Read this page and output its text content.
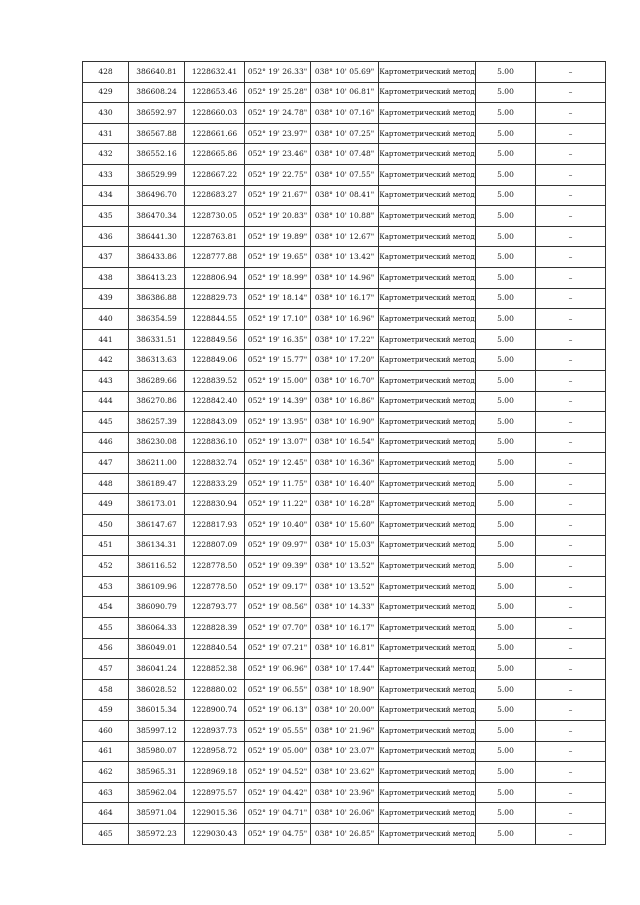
428	386640.81	1228632.41	052° 19' 26.33"	038° 10' 05.69"	Картометрический метод	5.00	–
429	386608.24	1228653.46	052° 19' 25.28"	038° 10' 06.81"	Картометрический метод	5.00	–
430	386592.97	1228660.03	052° 19' 24.78"	038° 10' 07.16"	Картометрический метод	5.00	–
431	386567.88	1228661.66	052° 19' 23.97"	038° 10' 07.25"	Картометрический метод	5.00	–
432	386552.16	1228665.86	052° 19' 23.46"	038° 10' 07.48"	Картометрический метод	5.00	–
433	386529.99	1228667.22	052° 19' 22.75"	038° 10' 07.55"	Картометрический метод	5.00	–
434	386496.70	1228683.27	052° 19' 21.67"	038° 10' 08.41"	Картометрический метод	5.00	–
435	386470.34	1228730.05	052° 19' 20.83"	038° 10' 10.88"	Картометрический метод	5.00	–
436	386441.30	1228763.81	052° 19' 19.89"	038° 10' 12.67"	Картометрический метод	5.00	–
437	386433.86	1228777.88	052° 19' 19.65"	038° 10' 13.42"	Картометрический метод	5.00	–
438	386413.23	1228806.94	052° 19' 18.99"	038° 10' 14.96"	Картометрический метод	5.00	–
439	386386.88	1228829.73	052° 19' 18.14"	038° 10' 16.17"	Картометрический метод	5.00	–
440	386354.59	1228844.55	052° 19' 17.10"	038° 10' 16.96"	Картометрический метод	5.00	–
441	386331.51	1228849.56	052° 19' 16.35"	038° 10' 17.22"	Картометрический метод	5.00	–
442	386313.63	1228849.06	052° 19' 15.77"	038° 10' 17.20"	Картометрический метод	5.00	–
443	386289.66	1228839.52	052° 19' 15.00"	038° 10' 16.70"	Картометрический метод	5.00	–
444	386270.86	1228842.40	052° 19' 14.39"	038° 10' 16.86"	Картометрический метод	5.00	–
445	386257.39	1228843.09	052° 19' 13.95"	038° 10' 16.90"	Картометрический метод	5.00	–
446	386230.08	1228836.10	052° 19' 13.07"	038° 10' 16.54"	Картометрический метод	5.00	–
447	386211.00	1228832.74	052° 19' 12.45"	038° 10' 16.36"	Картометрический метод	5.00	–
448	386189.47	1228833.29	052° 19' 11.75"	038° 10' 16.40"	Картометрический метод	5.00	–
449	386173.01	1228830.94	052° 19' 11.22"	038° 10' 16.28"	Картометрический метод	5.00	–
450	386147.67	1228817.93	052° 19' 10.40"	038° 10' 15.60"	Картометрический метод	5.00	–
451	386134.31	1228807.09	052° 19' 09.97"	038° 10' 15.03"	Картометрический метод	5.00	–
452	386116.52	1228778.50	052° 19' 09.39"	038° 10' 13.52"	Картометрический метод	5.00	–
453	386109.96	1228778.50	052° 19' 09.17"	038° 10' 13.52"	Картометрический метод	5.00	–
454	386090.79	1228793.77	052° 19' 08.56"	038° 10' 14.33"	Картометрический метод	5.00	–
455	386064.33	1228828.39	052° 19' 07.70"	038° 10' 16.17"	Картометрический метод	5.00	–
456	386049.01	1228840.54	052° 19' 07.21"	038° 10' 16.81"	Картометрический метод	5.00	–
457	386041.24	1228852.38	052° 19' 06.96"	038° 10' 17.44"	Картометрический метод	5.00	–
458	386028.52	1228880.02	052° 19' 06.55"	038° 10' 18.90"	Картометрический метод	5.00	–
459	386015.34	1228900.74	052° 19' 06.13"	038° 10' 20.00"	Картометрический метод	5.00	–
460	385997.12	1228937.73	052° 19' 05.55"	038° 10' 21.96"	Картометрический метод	5.00	–
461	385980.07	1228958.72	052° 19' 05.00"	038° 10' 23.07"	Картометрический метод	5.00	–
462	385965.31	1228969.18	052° 19' 04.52"	038° 10' 23.62"	Картометрический метод	5.00	–
463	385962.04	1228975.57	052° 19' 04.42"	038° 10' 23.96"	Картометрический метод	5.00	–
464	385971.04	1229015.36	052° 19' 04.71"	038° 10' 26.06"	Картометрический метод	5.00	–
465	385972.23	1229030.43	052° 19' 04.75"	038° 10' 26.85"	Картометрический метод	5.00	–
